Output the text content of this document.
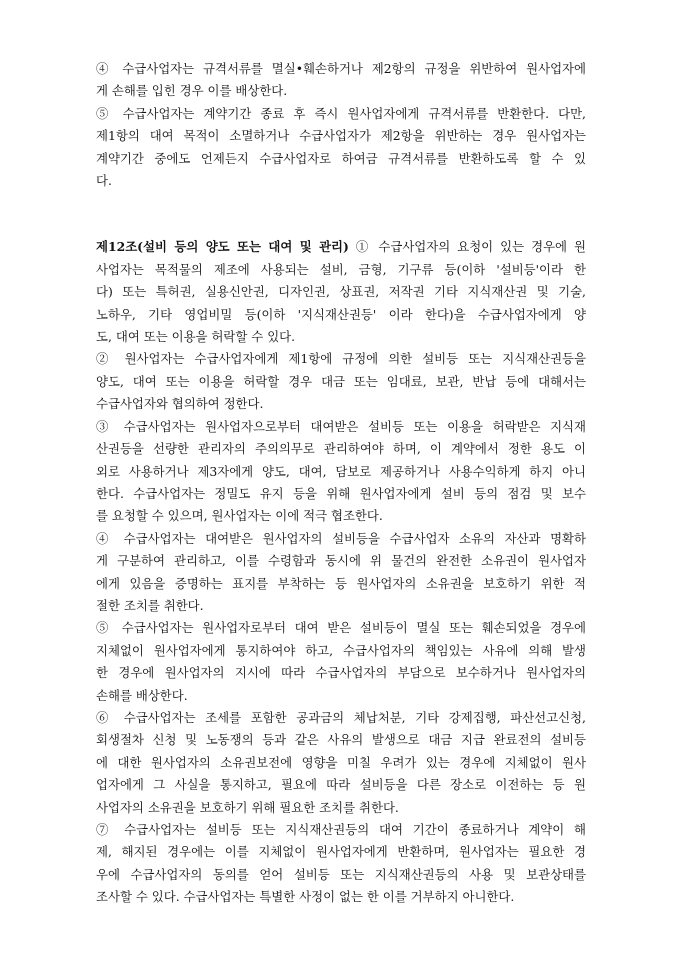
④ 수급사업자는 규격서류를 멸실•훼손하거나 제2항의 규정을 위반하여 원사업자에
게 손해를 입힌 경우 이를 배상한다.
⑤ 수급사업자는 계약기간 종료 후 즉시 원사업자에게 규격서류를 반환한다. 다만,
제1항의 대여 목적이 소멸하거나 수급사업자가 제2항을 위반하는 경우 원사업자는
계약기간 중에도 언제든지 수급사업자로 하여금 규격서류를 반환하도록 할 수 있
다.
제12조(설비 등의 양도 또는 대여 및 관리) ① 수급사업자의 요청이 있는 경우에 원
사업자는 목적물의 제조에 사용되는 설비, 금형, 기구류 등(이하 '설비등'이라 한
다) 또는 특허권, 실용신안권, 디자인권, 상표권, 저작권 기타 지식재산권 및 기술,
노하우, 기타 영업비밀 등(이하 '지식재산권등' 이라 한다)을 수급사업자에게 양
도, 대여 또는 이용을 허락할 수 있다.
② 원사업자는 수급사업자에게 제1항에 규정에 의한 설비등 또는 지식재산권등을
양도, 대여 또는 이용을 허락할 경우 대금 또는 임대료, 보관, 반납 등에 대해서는
수급사업자와 협의하여 정한다.
③ 수급사업자는 원사업자으로부터 대여받은 설비등 또는 이용을 허락받은 지식재
산권등을 선량한 관리자의 주의의무로 관리하여야 하며, 이 계약에서 정한 용도 이
외로 사용하거나 제3자에게 양도, 대여, 담보로 제공하거나 사용수익하게 하지 아니
한다. 수급사업자는 정밀도 유지 등을 위해 원사업자에게 설비 등의 점검 및 보수
를 요청할 수 있으며, 원사업자는 이에 적극 협조한다.
④ 수급사업자는 대여받은 원사업자의 설비등을 수급사업자 소유의 자산과 명확하
게 구분하여 관리하고, 이를 수령함과 동시에 위 물건의 완전한 소유권이 원사업자
에게 있음을 증명하는 표지를 부착하는 등 원사업자의 소유권을 보호하기 위한 적
절한 조치를 취한다.
⑤ 수급사업자는 원사업자로부터 대여 받은 설비등이 멸실 또는 훼손되었을 경우에
지체없이 원사업자에게 통지하여야 하고, 수급사업자의 책임있는 사유에 의해 발생
한 경우에 원사업자의 지시에 따라 수급사업자의 부담으로 보수하거나 원사업자의
손해를 배상한다.
⑥ 수급사업자는 조세를 포함한 공과금의 체납처분, 기타 강제집행, 파산선고신청,
회생절차 신청 및 노동쟁의 등과 같은 사유의 발생으로 대금 지급 완료전의 설비등
에 대한 원사업자의 소유권보전에 영향을 미칠 우려가 있는 경우에 지체없이 원사
업자에게 그 사실을 통지하고, 필요에 따라 설비등을 다른 장소로 이전하는 등 원
사업자의 소유권을 보호하기 위해 필요한 조치를 취한다.
⑦ 수급사업자는 설비등 또는 지식재산권등의 대여 기간이 종료하거나 계약이 해
제, 해지된 경우에는 이를 지체없이 원사업자에게 반환하며, 원사업자는 필요한 경
우에 수급사업자의 동의를 얻어 설비등 또는 지식재산권등의 사용 및 보관상태를
조사할 수 있다. 수급사업자는 특별한 사정이 없는 한 이를 거부하지 아니한다.
